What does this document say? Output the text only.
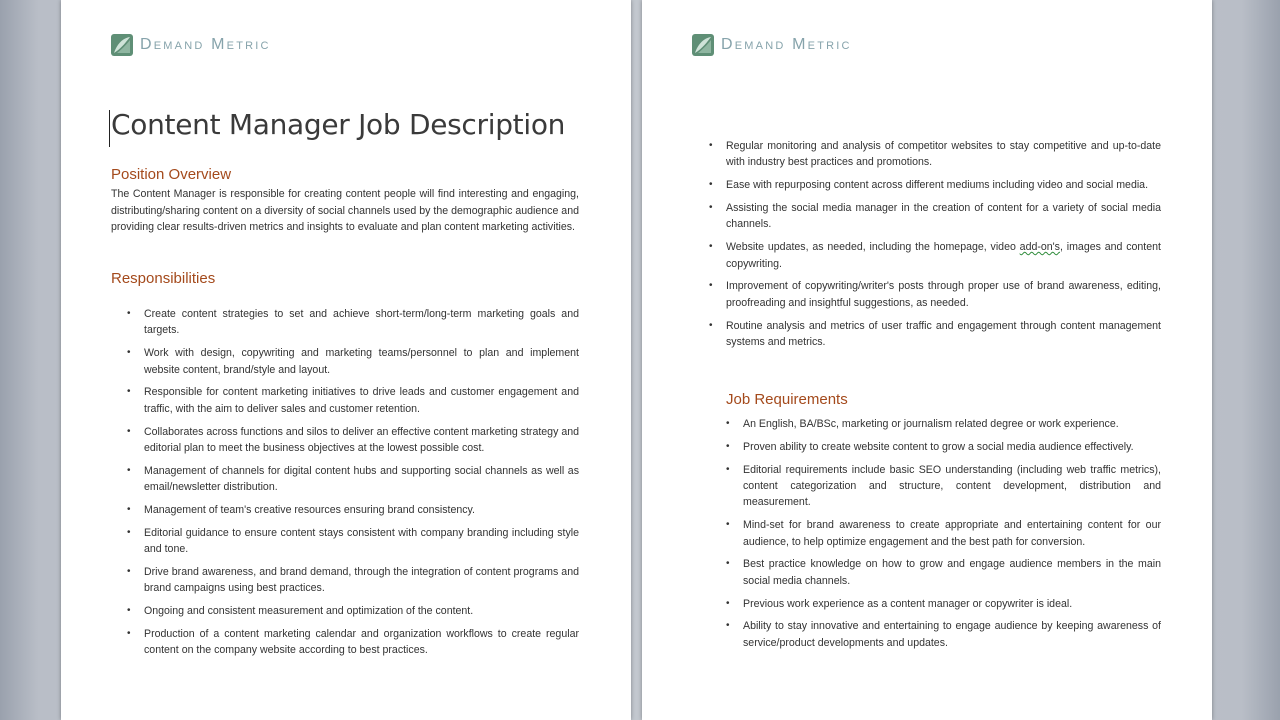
Demand Metric
Content Manager Job Description
Position Overview

The Content Manager is responsible for creating content people will find interesting and engaging, distributing/sharing content on a diversity of social channels used by the demographic audience and providing clear results-driven metrics and insights to evaluate and plan content marketing activities.

Responsibilities
• Create content strategies to set and achieve short-term/long-term marketing goals and targets.
• Work with design, copywriting and marketing teams/personnel to plan and implement website content, brand/style and layout.
• Responsible for content marketing initiatives to drive leads and customer engagement and traffic, with the aim to deliver sales and customer retention.
• Collaborates across functions and silos to deliver an effective content marketing strategy and editorial plan to meet the business objectives at the lowest possible cost.
• Management of channels for digital content hubs and supporting social channels as well as email/newsletter distribution.
• Management of team's creative resources ensuring brand consistency.
• Editorial guidance to ensure content stays consistent with company branding including style and tone.
• Drive brand awareness, and brand demand, through the integration of content programs and brand campaigns using best practices.
• Ongoing and consistent measurement and optimization of the content.
• Production of a content marketing calendar and organization workflows to create regular content on the company website according to best practices.
Demand Metric
• Regular monitoring and analysis of competitor websites to stay competitive and up-to-date with industry best practices and promotions.
• Ease with repurposing content across different mediums including video and social media.
• Assisting the social media manager in the creation of content for a variety of social media channels.
• Website updates, as needed, including the homepage, video add-on's, images and content copywriting.
• Improvement of copywriting/writer's posts through proper use of brand awareness, editing, proofreading and insightful suggestions, as needed.
• Routine analysis and metrics of user traffic and engagement through content management systems and metrics.
Job Requirements
• An English, BA/BSc, marketing or journalism related degree or work experience.
• Proven ability to create website content to grow a social media audience effectively.
• Editorial requirements include basic SEO understanding (including web traffic metrics), content categorization and structure, content development, distribution and measurement.
• Mind-set for brand awareness to create appropriate and entertaining content for our audience, to help optimize engagement and the best path for conversion.
• Best practice knowledge on how to grow and engage audience members in the main social media channels.
• Previous work experience as a content manager or copywriter is ideal.
• Ability to stay innovative and entertaining to engage audience by keeping awareness of service/product developments and updates.
